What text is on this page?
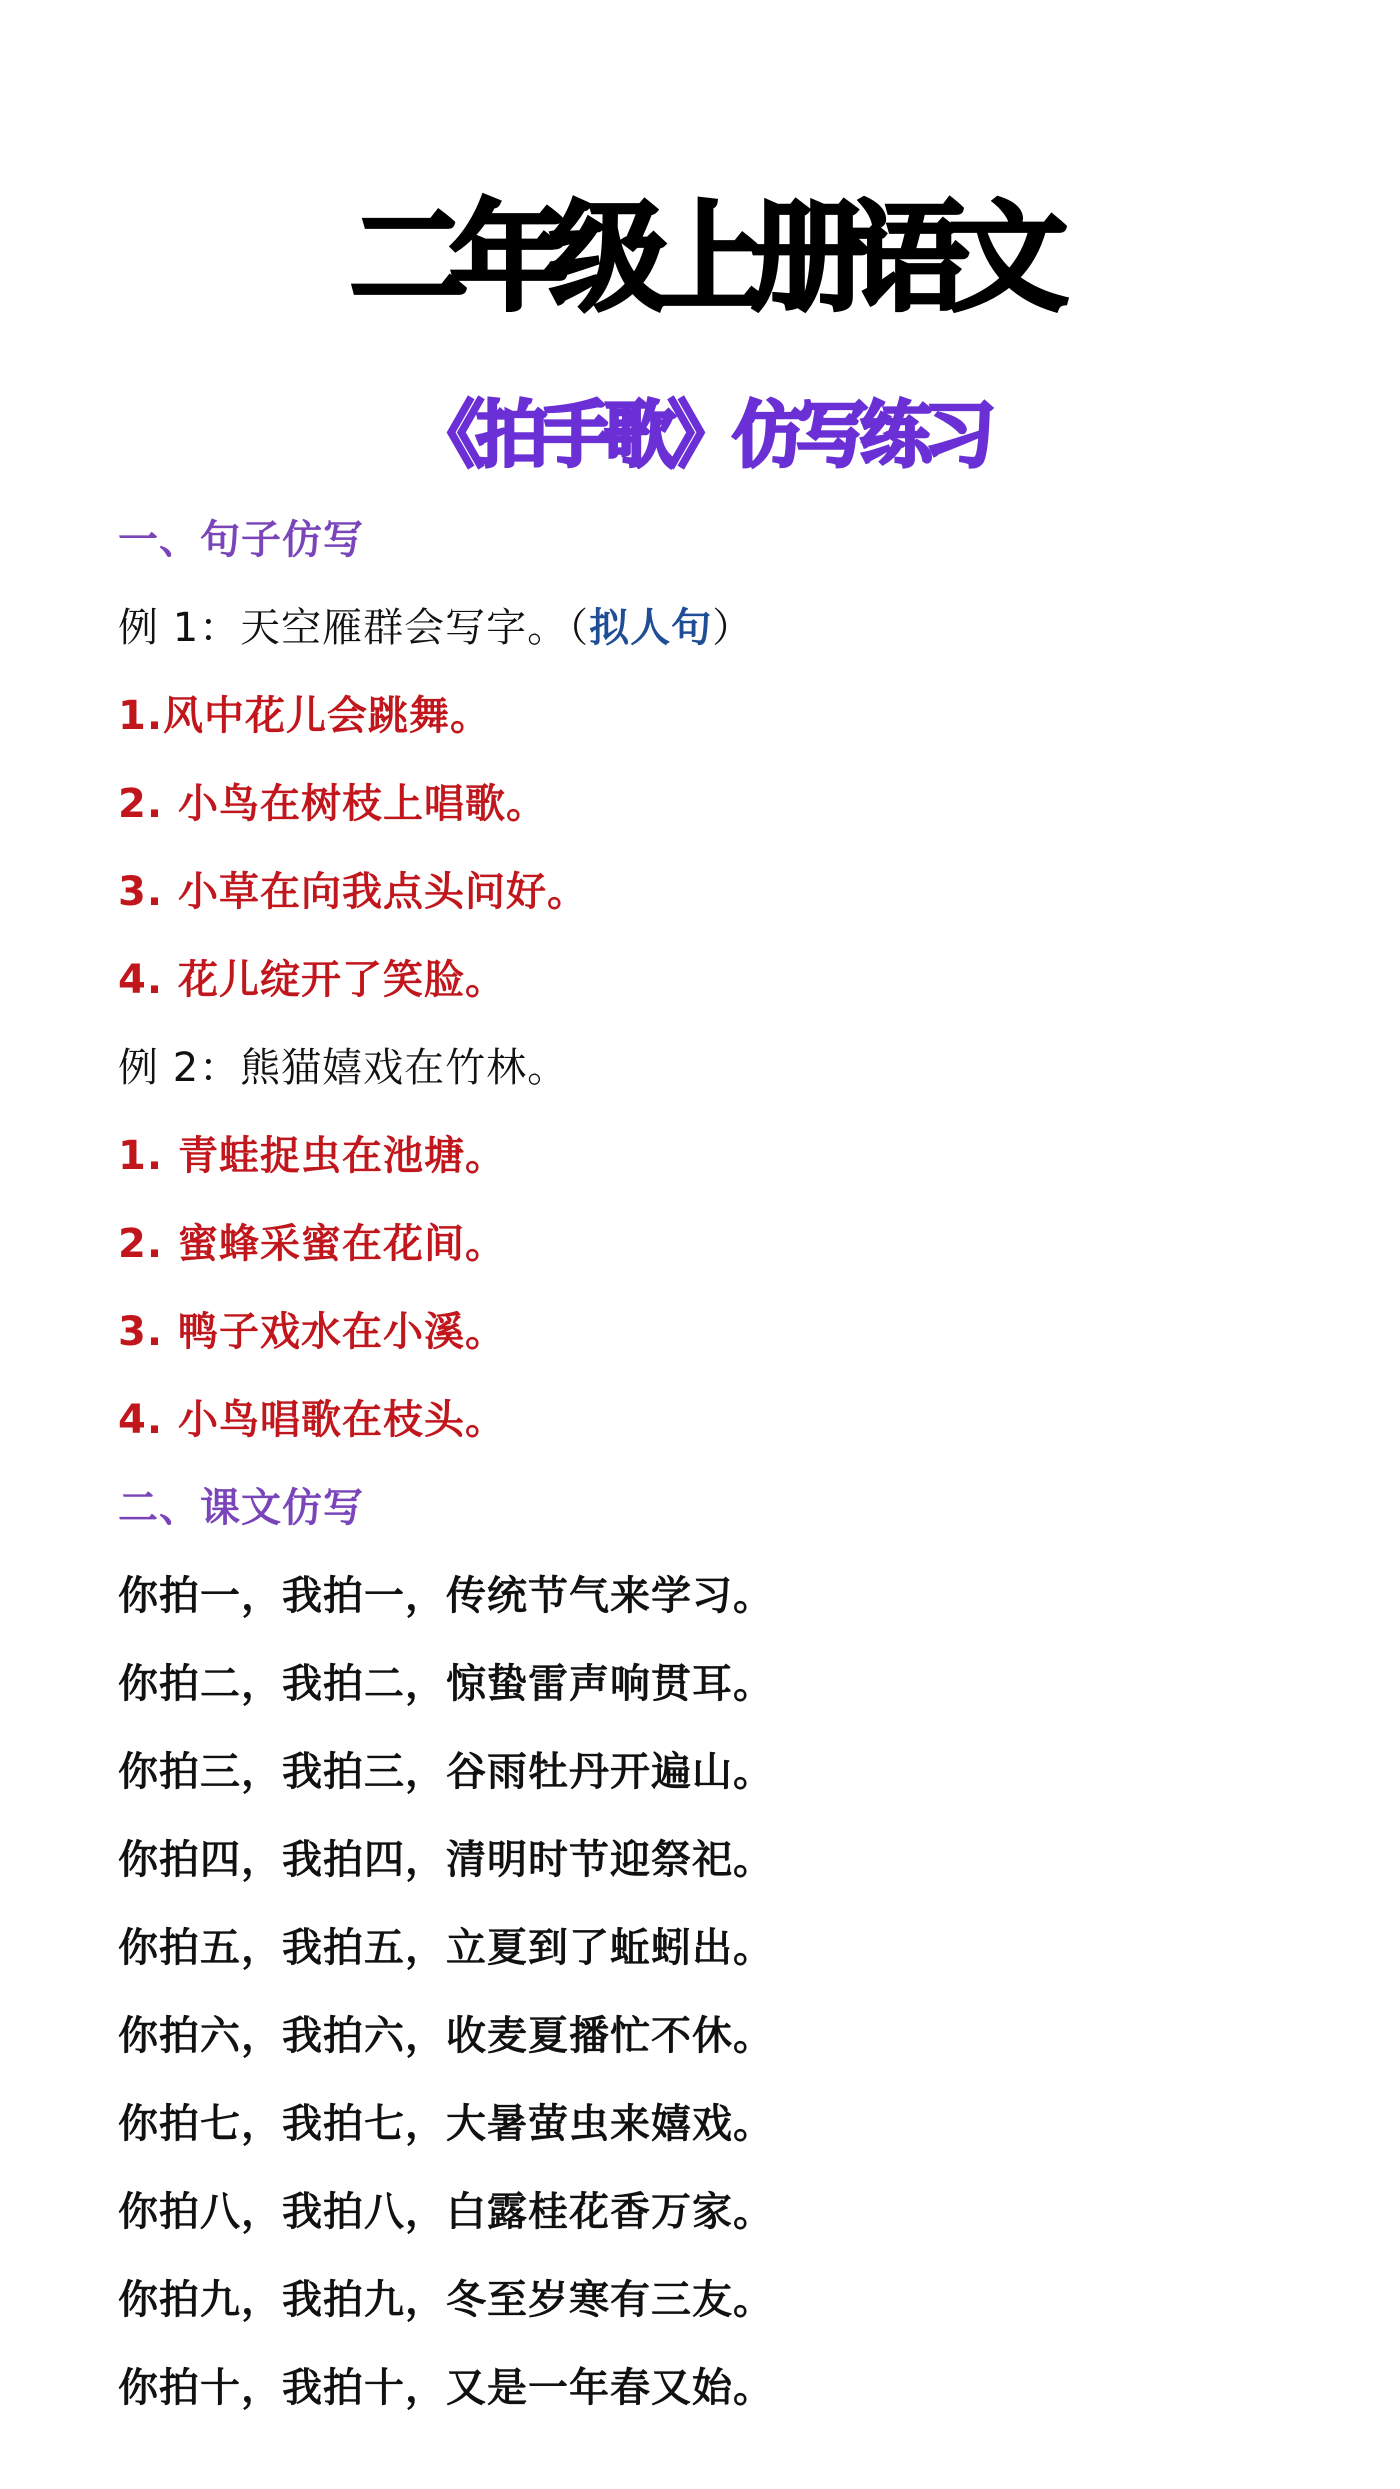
二年级上册语文
《拍手歌》仿写练习
一、句子仿写
例 1：天空雁群会写字。（拟人句）
1.风中花儿会跳舞。
2. 小鸟在树枝上唱歌。
3. 小草在向我点头问好。
4. 花儿绽开了笑脸。
例 2：熊猫嬉戏在竹林。
1. 青蛙捉虫在池塘。
2. 蜜蜂采蜜在花间。
3. 鸭子戏水在小溪。
4. 小鸟唱歌在枝头。
二、课文仿写
你拍一，我拍一，传统节气来学习。
你拍二，我拍二，惊蛰雷声响贯耳。
你拍三，我拍三，谷雨牡丹开遍山。
你拍四，我拍四，清明时节迎祭祀。
你拍五，我拍五，立夏到了蚯蚓出。
你拍六，我拍六，收麦夏播忙不休。
你拍七，我拍七，大暑萤虫来嬉戏。
你拍八，我拍八，白露桂花香万家。
你拍九，我拍九，冬至岁寒有三友。
你拍十，我拍十，又是一年春又始。
